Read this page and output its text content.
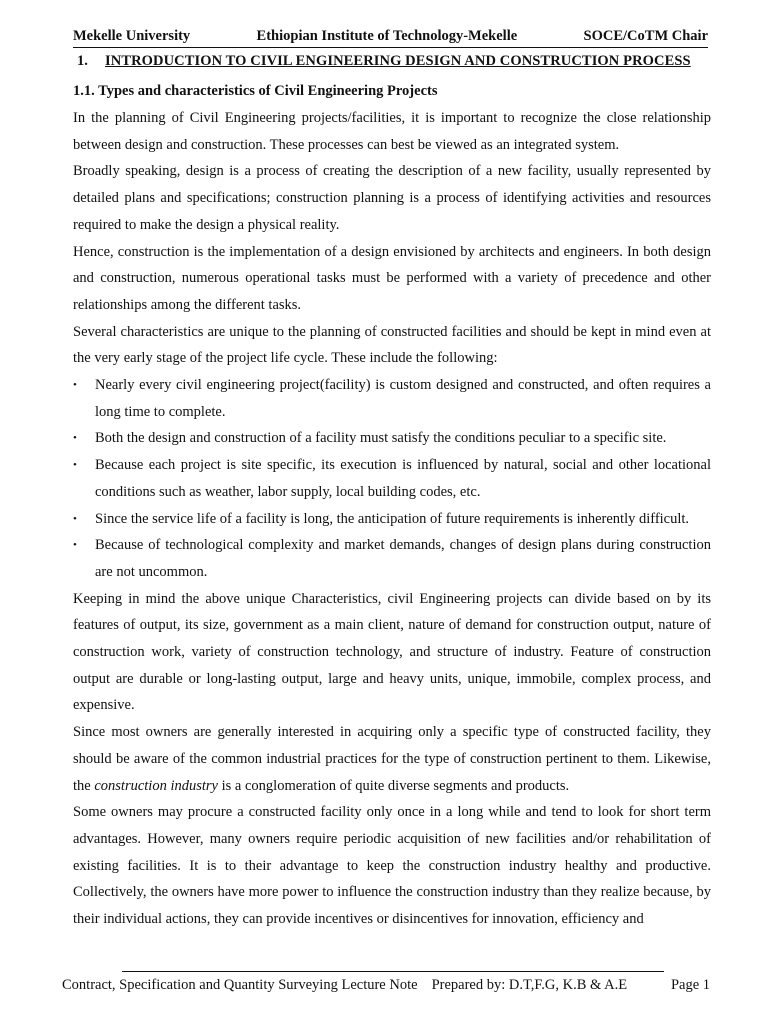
Mekelle University	Ethiopian Institute of Technology-Mekelle	SOCE/CoTM Chair
1.	INTRODUCTION TO CIVIL ENGINEERING DESIGN AND CONSTRUCTION PROCESS
1.1. Types and characteristics of Civil Engineering Projects

In the planning of Civil Engineering projects/facilities, it is important to recognize the close relationship between design and construction. These processes can best be viewed as an integrated system.

Broadly speaking, design is a process of creating the description of a new facility, usually represented by detailed plans and specifications; construction planning is a process of identifying activities and resources required to make the design a physical reality.

Hence, construction is the implementation of a design envisioned by architects and engineers. In both design and construction, numerous operational tasks must be performed with a variety of precedence and other relationships among the different tasks.

Several characteristics are unique to the planning of constructed facilities and should be kept in mind even at the very early stage of the project life cycle. These include the following:

• Nearly every civil engineering project(facility) is custom designed and constructed, and often requires a long time to complete.
• Both the design and construction of a facility must satisfy the conditions peculiar to a specific site.
• Because each project is site specific, its execution is influenced by natural, social and other locational conditions such as weather, labor supply, local building codes, etc.
• Since the service life of a facility is long, the anticipation of future requirements is inherently difficult.
• Because of technological complexity and market demands, changes of design plans during construction are not uncommon.

Keeping in mind the above unique Characteristics, civil Engineering projects can divide based on by its features of output, its size, government as a main client, nature of demand for construction output, nature of construction work, variety of construction technology, and structure of industry. Feature of construction output are durable or long-lasting output, large and heavy units, unique, immobile, complex process, and expensive.

Since most owners are generally interested in acquiring only a specific type of constructed facility, they should be aware of the common industrial practices for the type of construction pertinent to them. Likewise, the construction industry is a conglomeration of quite diverse segments and products.

Some owners may procure a constructed facility only once in a long while and tend to look for short term advantages. However, many owners require periodic acquisition of new facilities and/or rehabilitation of existing facilities. It is to their advantage to keep the construction industry healthy and productive. Collectively, the owners have more power to influence the construction industry than they realize because, by their individual actions, they can provide incentives or disincentives for innovation, efficiency and

Contract, Specification and Quantity Surveying Lecture Note Prepared by: D.T,F.G, K.B & A.E	Page 1
